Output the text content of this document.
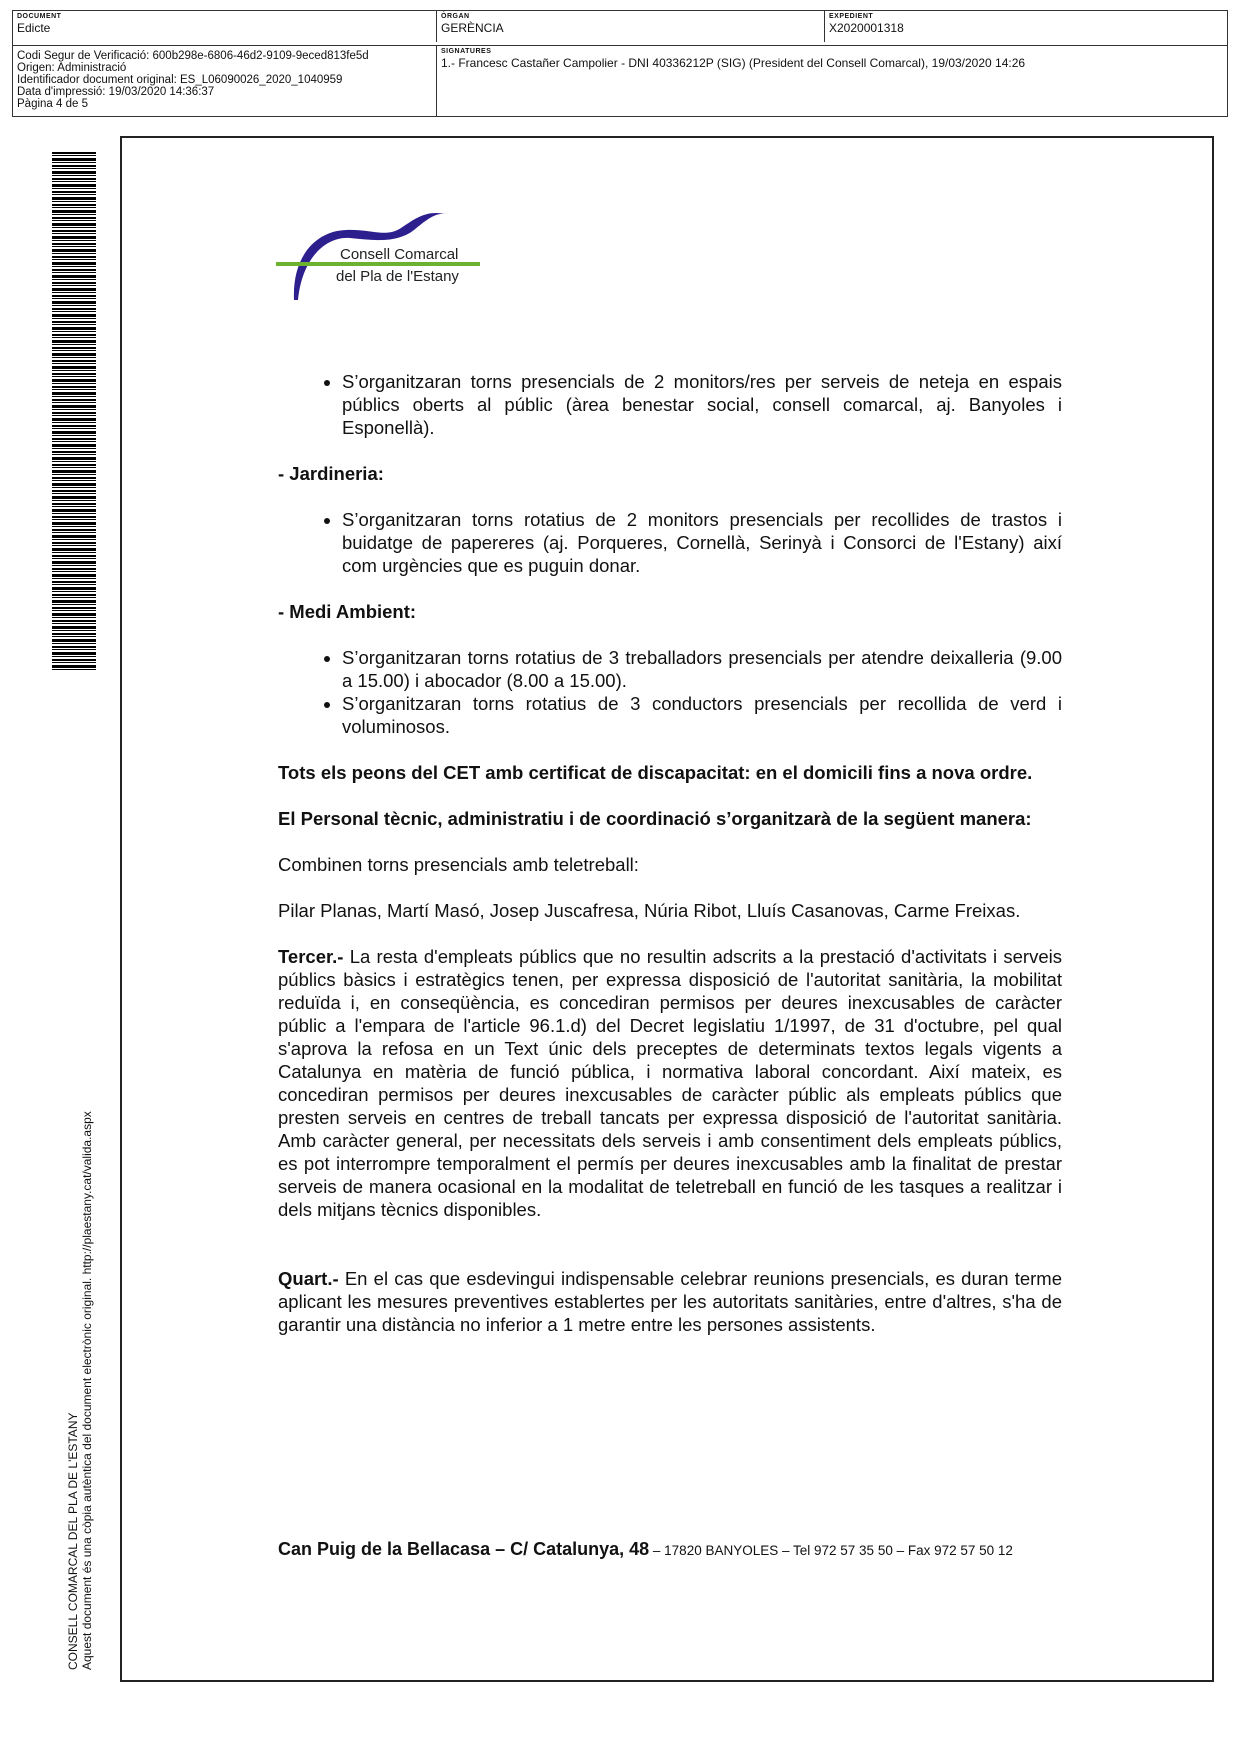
DOCUMENT
Edicte
ÒRGAN
GERÈNCIA
EXPEDIENT
X2020001318
Codi Segur de Verificació: 600b298e-6806-46d2-9109-9eced813fe5d
Origen: Administració
Identificador document original: ES_L06090026_2020_1040959
Data d'impressió: 19/03/2020 14:36:37
Pàgina 4 de 5
SIGNATURES
1.- Francesc Castañer Campolier - DNI 40336212P (SIG) (President del Consell Comarcal), 19/03/2020 14:26
CONSELL COMARCAL DEL PLA DE L'ESTANY Aquest document és una còpia autèntica del document electrònic original. http://plaestany.cat/valida.aspx
Consell Comarcal
del Pla de l'Estany
• S’organitzaran torns presencials de 2 monitors/res per serveis de neteja en espais públics oberts al públic (àrea benestar social, consell comarcal, aj. Banyoles i Esponellà).

- Jardineria:

• S’organitzaran torns rotatius de 2 monitors presencials per recollides de trastos i buidatge de papereres (aj. Porqueres, Cornellà, Serinyà i Consorci de l'Estany) així com urgències que es puguin donar.

- Medi Ambient:

• S’organitzaran torns rotatius de 3 treballadors presencials per atendre deixalleria (9.00 a 15.00) i abocador (8.00 a 15.00).
• S’organitzaran torns rotatius de 3 conductors presencials per recollida de verd i voluminosos.

Tots els peons del CET amb certificat de discapacitat: en el domicili fins a nova ordre.

El Personal tècnic, administratiu i de coordinació s’organitzarà de la següent manera:

Combinen torns presencials amb teletreball:

Pilar Planas, Martí Masó, Josep Juscafresa, Núria Ribot, Lluís Casanovas, Carme Freixas.

Tercer.- La resta d'empleats públics que no resultin adscrits a la prestació d'activitats i serveis públics bàsics i estratègics tenen, per expressa disposició de l'autoritat sanitària, la mobilitat reduïda i, en conseqüència, es concediran permisos per deures inexcusables de caràcter públic a l'empara de l'article 96.1.d) del Decret legislatiu 1/1997, de 31 d'octubre, pel qual s'aprova la refosa en un Text únic dels preceptes de determinats textos legals vigents a Catalunya en matèria de funció pública, i normativa laboral concordant. Així mateix, es concediran permisos per deures inexcusables de caràcter públic als empleats públics que presten serveis en centres de treball tancats per expressa disposició de l'autoritat sanitària. Amb caràcter general, per necessitats dels serveis i amb consentiment dels empleats públics, es pot interrompre temporalment el permís per deures inexcusables amb la finalitat de prestar serveis de manera ocasional en la modalitat de teletreball en funció de les tasques a realitzar i dels mitjans tècnics disponibles.

Quart.- En el cas que esdevingui indispensable celebrar reunions presencials, es duran terme aplicant les mesures preventives establertes per les autoritats sanitàries, entre d'altres, s'ha de garantir una distància no inferior a 1 metre entre les persones assistents.

Can Puig de la Bellacasa – C/ Catalunya, 48 – 17820 BANYOLES – Tel 972 57 35 50 – Fax 972 57 50 12
